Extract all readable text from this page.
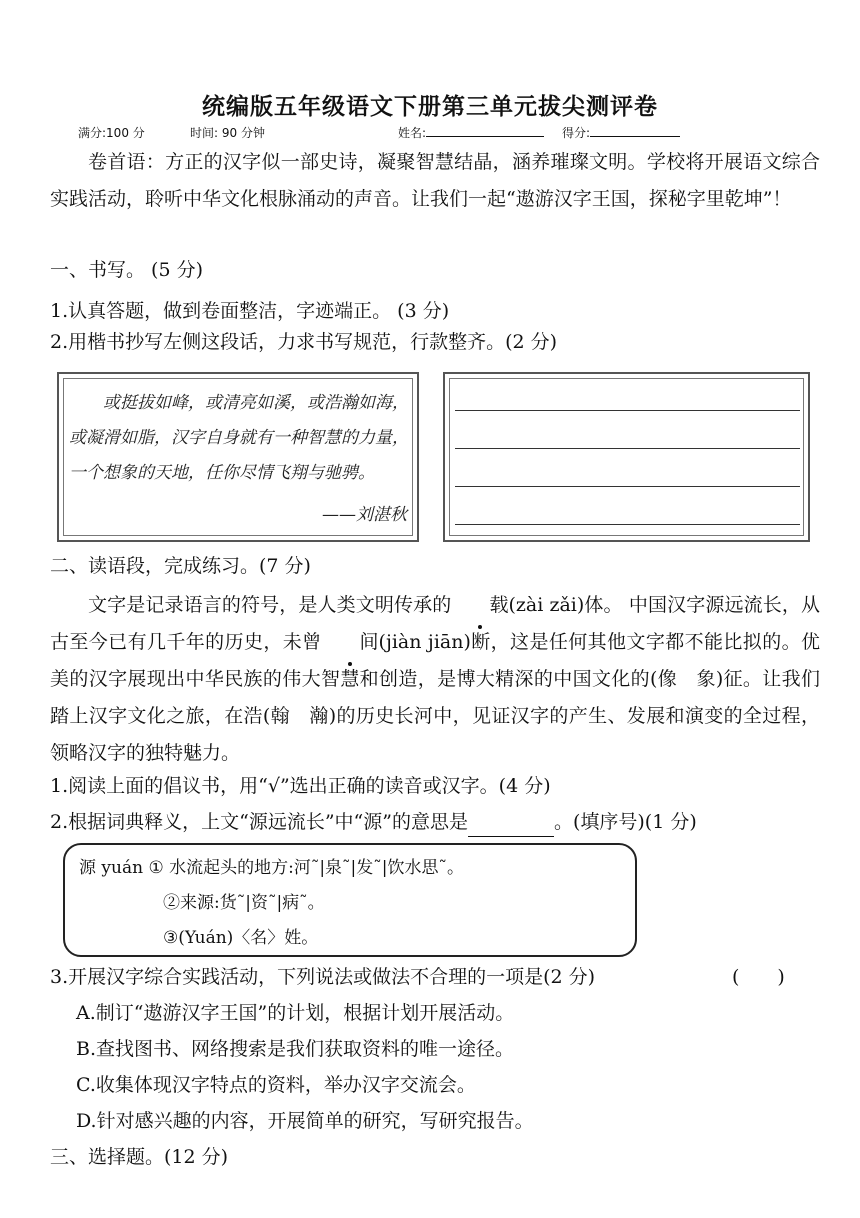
统编版五年级语文下册第三单元拔尖测评卷
满分:100 分	时间: 90 分钟	姓名:	得分:
卷首语：方正的汉字似一部史诗，凝聚智慧结晶，涵养璀璨文明。学校将开展语文综合实践活动，聆听中华文化根脉涌动的声音。让我们一起“遨游汉字王国，探秘字里乾坤”！
一、书写。 (5 分)
1.认真答题，做到卷面整洁，字迹端正。 (3 分)
2.用楷书抄写左侧这段话，力求书写规范，行款整齐。(2 分)
或挺拔如峰，或清亮如溪，或浩瀚如海，或凝滑如脂，汉字自身就有一种智慧的力量，一个想象的天地，任你尽情飞翔与驰骋。
——刘湛秋
二、读语段，完成练习。(7 分)
文字是记录语言的符号，是人类文明传承的 载(zài zǎi)体。 中国汉字源远流长，从古至今已有几千年的历史，未曾 间(jiàn jiān)断，这是任何其他文字都不能比拟的。优美的汉字展现出中华民族的伟大智慧和创造，是博大精深的中国文化的(像　象)征。让我们踏上汉字文化之旅，在浩(翰　瀚)的历史长河中，见证汉字的产生、发展和演变的全过程，领略汉字的独特魅力。
1.阅读上面的倡议书，用“√”选出正确的读音或汉字。(4 分)
2.根据词典释义，上文“源远流长”中“源”的意思是	。(填序号)(1 分)
源 yuán ① 水流起头的地方:河˜|泉˜|发˜|饮水思˜。
②来源:货˜|资˜|病˜。
③(Yuán)〈名〉姓。
3.开展汉字综合实践活动，下列说法或做法不合理的一项是(2 分)	(　　)
A.制订“遨游汉字王国”的计划，根据计划开展活动。
B.查找图书、网络搜索是我们获取资料的唯一途径。
C.收集体现汉字特点的资料，举办汉字交流会。
D.针对感兴趣的内容，开展简单的研究，写研究报告。
三、选择题。(12 分)
